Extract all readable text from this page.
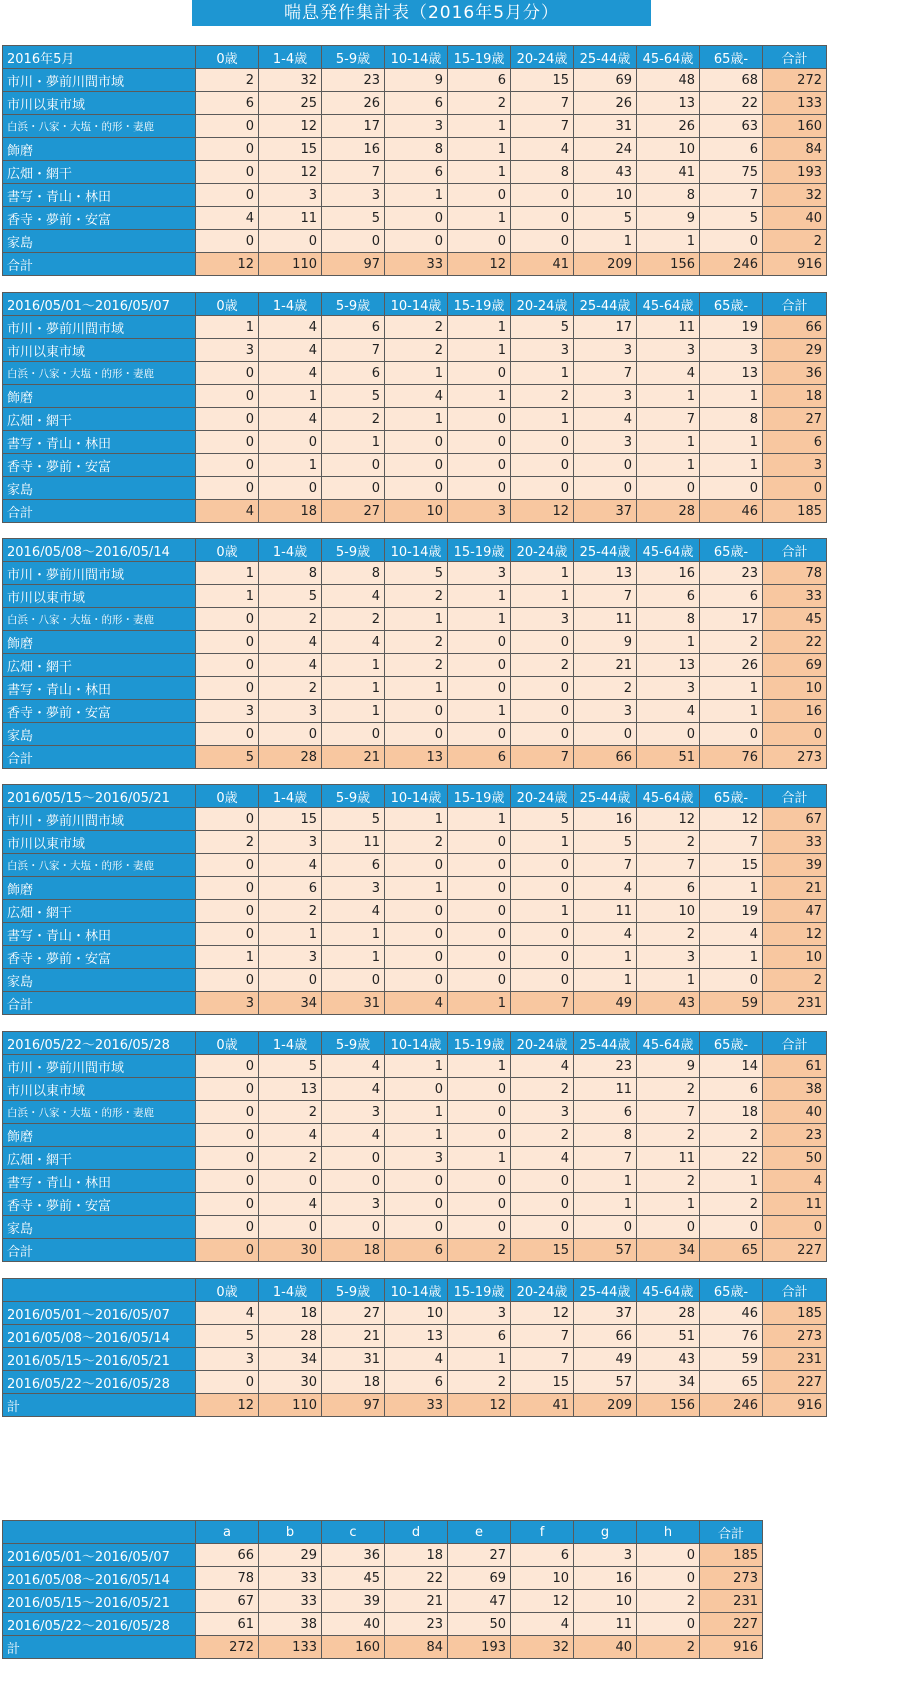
喘息発作集計表（2016年5月分）
2016年5月	0歳	1-4歳	5-9歳	10-14歳	15-19歳	20-24歳	25-44歳	45-64歳	65歳-	合計
市川・夢前川間市域	2	32	23	9	6	15	69	48	68	272
市川以東市域	6	25	26	6	2	7	26	13	22	133
白浜・八家・大塩・的形・妻鹿	0	12	17	3	1	7	31	26	63	160
飾磨	0	15	16	8	1	4	24	10	6	84
広畑・網干	0	12	7	6	1	8	43	41	75	193
書写・青山・林田	0	3	3	1	0	0	10	8	7	32
香寺・夢前・安富	4	11	5	0	1	0	5	9	5	40
家島	0	0	0	0	0	0	1	1	0	2
合計	12	110	97	33	12	41	209	156	246	916
2016/05/01～2016/05/07	0歳	1-4歳	5-9歳	10-14歳	15-19歳	20-24歳	25-44歳	45-64歳	65歳-	合計
市川・夢前川間市域	1	4	6	2	1	5	17	11	19	66
市川以東市域	3	4	7	2	1	3	3	3	3	29
白浜・八家・大塩・的形・妻鹿	0	4	6	1	0	1	7	4	13	36
飾磨	0	1	5	4	1	2	3	1	1	18
広畑・網干	0	4	2	1	0	1	4	7	8	27
書写・青山・林田	0	0	1	0	0	0	3	1	1	6
香寺・夢前・安富	0	1	0	0	0	0	0	1	1	3
家島	0	0	0	0	0	0	0	0	0	0
合計	4	18	27	10	3	12	37	28	46	185
2016/05/08～2016/05/14	0歳	1-4歳	5-9歳	10-14歳	15-19歳	20-24歳	25-44歳	45-64歳	65歳-	合計
市川・夢前川間市域	1	8	8	5	3	1	13	16	23	78
市川以東市域	1	5	4	2	1	1	7	6	6	33
白浜・八家・大塩・的形・妻鹿	0	2	2	1	1	3	11	8	17	45
飾磨	0	4	4	2	0	0	9	1	2	22
広畑・網干	0	4	1	2	0	2	21	13	26	69
書写・青山・林田	0	2	1	1	0	0	2	3	1	10
香寺・夢前・安富	3	3	1	0	1	0	3	4	1	16
家島	0	0	0	0	0	0	0	0	0	0
合計	5	28	21	13	6	7	66	51	76	273
2016/05/15～2016/05/21	0歳	1-4歳	5-9歳	10-14歳	15-19歳	20-24歳	25-44歳	45-64歳	65歳-	合計
市川・夢前川間市域	0	15	5	1	1	5	16	12	12	67
市川以東市域	2	3	11	2	0	1	5	2	7	33
白浜・八家・大塩・的形・妻鹿	0	4	6	0	0	0	7	7	15	39
飾磨	0	6	3	1	0	0	4	6	1	21
広畑・網干	0	2	4	0	0	1	11	10	19	47
書写・青山・林田	0	1	1	0	0	0	4	2	4	12
香寺・夢前・安富	1	3	1	0	0	0	1	3	1	10
家島	0	0	0	0	0	0	1	1	0	2
合計	3	34	31	4	1	7	49	43	59	231
2016/05/22～2016/05/28	0歳	1-4歳	5-9歳	10-14歳	15-19歳	20-24歳	25-44歳	45-64歳	65歳-	合計
市川・夢前川間市域	0	5	4	1	1	4	23	9	14	61
市川以東市域	0	13	4	0	0	2	11	2	6	38
白浜・八家・大塩・的形・妻鹿	0	2	3	1	0	3	6	7	18	40
飾磨	0	4	4	1	0	2	8	2	2	23
広畑・網干	0	2	0	3	1	4	7	11	22	50
書写・青山・林田	0	0	0	0	0	0	1	2	1	4
香寺・夢前・安富	0	4	3	0	0	0	1	1	2	11
家島	0	0	0	0	0	0	0	0	0	0
合計	0	30	18	6	2	15	57	34	65	227
	0歳	1-4歳	5-9歳	10-14歳	15-19歳	20-24歳	25-44歳	45-64歳	65歳-	合計
2016/05/01～2016/05/07	4	18	27	10	3	12	37	28	46	185
2016/05/08～2016/05/14	5	28	21	13	6	7	66	51	76	273
2016/05/15～2016/05/21	3	34	31	4	1	7	49	43	59	231
2016/05/22～2016/05/28	0	30	18	6	2	15	57	34	65	227
計	12	110	97	33	12	41	209	156	246	916
	a	b	c	d	e	f	g	h	合計
2016/05/01～2016/05/07	66	29	36	18	27	6	3	0	185
2016/05/08～2016/05/14	78	33	45	22	69	10	16	0	273
2016/05/15～2016/05/21	67	33	39	21	47	12	10	2	231
2016/05/22～2016/05/28	61	38	40	23	50	4	11	0	227
計	272	133	160	84	193	32	40	2	916
